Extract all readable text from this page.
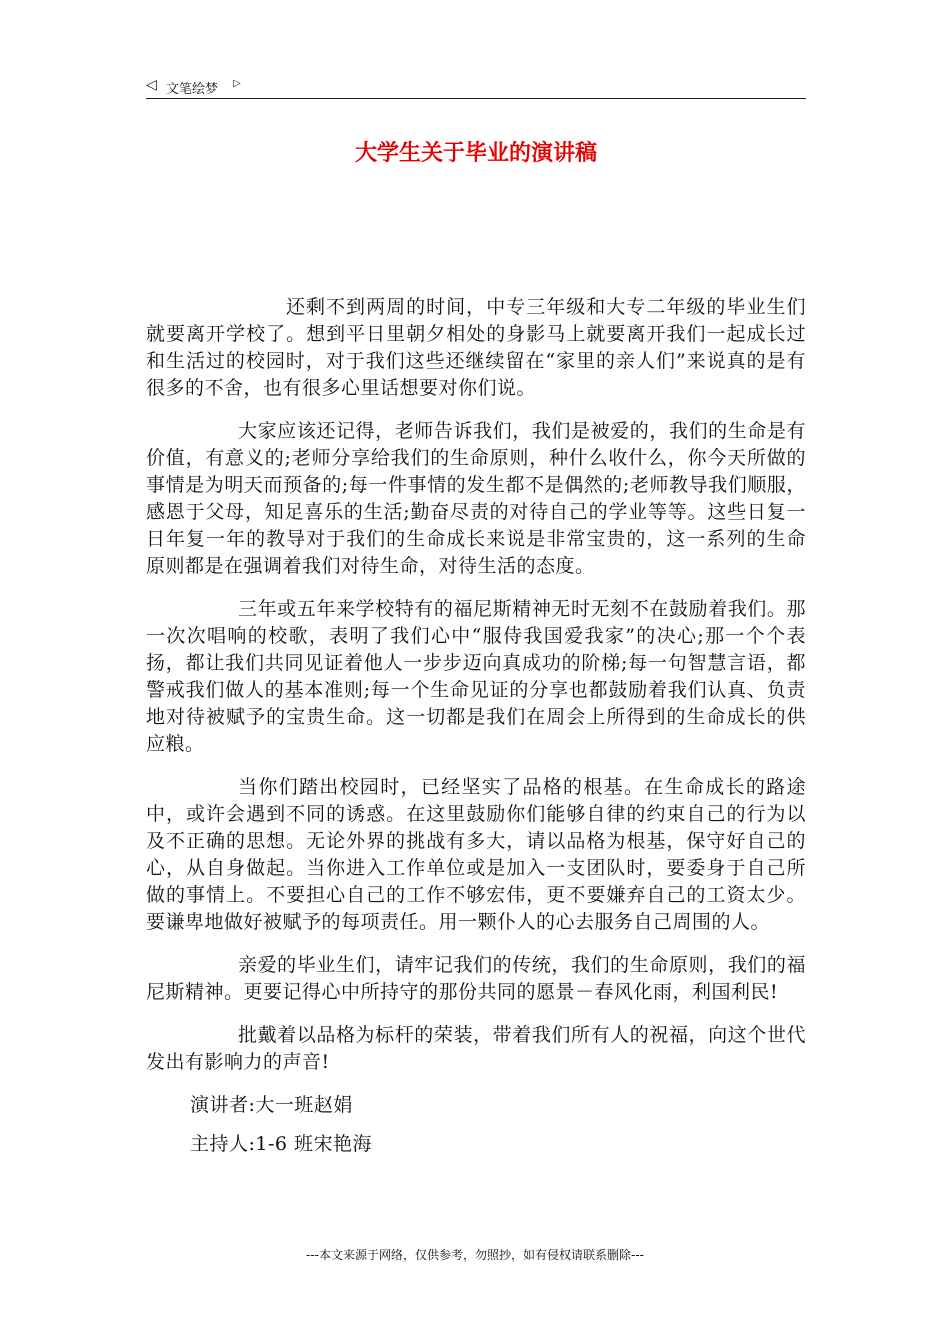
◁ 文笔绘梦 ▷
大学生关于毕业的演讲稿

还剩不到两周的时间，中专三年级和大专二年级的毕业生们就要离开学校了。想到平日里朝夕相处的身影马上就要离开我们一起成长过和生活过的校园时，对于我们这些还继续留在“家里的亲人们”来说真的是有很多的不舍，也有很多心里话想要对你们说。

大家应该还记得，老师告诉我们，我们是被爱的，我们的生命是有价值，有意义的;老师分享给我们的生命原则，种什么收什么，你今天所做的事情是为明天而预备的;每一件事情的发生都不是偶然的;老师教导我们顺服，感恩于父母，知足喜乐的生活;勤奋尽责的对待自己的学业等等。这些日复一日年复一年的教导对于我们的生命成长来说是非常宝贵的，这一系列的生命原则都是在强调着我们对待生命，对待生活的态度。

三年或五年来学校特有的福尼斯精神无时无刻不在鼓励着我们。那一次次唱响的校歌，表明了我们心中“服侍我国爱我家”的决心;那一个个表扬，都让我们共同见证着他人一步步迈向真成功的阶梯;每一句智慧言语，都警戒我们做人的基本准则;每一个生命见证的分享也都鼓励着我们认真、负责地对待被赋予的宝贵生命。这一切都是我们在周会上所得到的生命成长的供应粮。

当你们踏出校园时，已经坚实了品格的根基。在生命成长的路途中，或许会遇到不同的诱惑。在这里鼓励你们能够自律的约束自己的行为以及不正确的思想。无论外界的挑战有多大，请以品格为根基，保守好自己的心，从自身做起。当你进入工作单位或是加入一支团队时，要委身于自己所做的事情上。不要担心自己的工作不够宏伟，更不要嫌弃自己的工资太少。要谦卑地做好被赋予的每项责任。用一颗仆人的心去服务自己周围的人。

亲爱的毕业生们，请牢记我们的传统，我们的生命原则，我们的福尼斯精神。更要记得心中所持守的那份共同的愿景－春风化雨，利国利民!

批戴着以品格为标杆的荣装，带着我们所有人的祝福，向这个世代发出有影响力的声音!

演讲者:大一班赵娟

主持人:1-6 班宋艳海

---本文来源于网络，仅供参考，勿照抄，如有侵权请联系删除---
